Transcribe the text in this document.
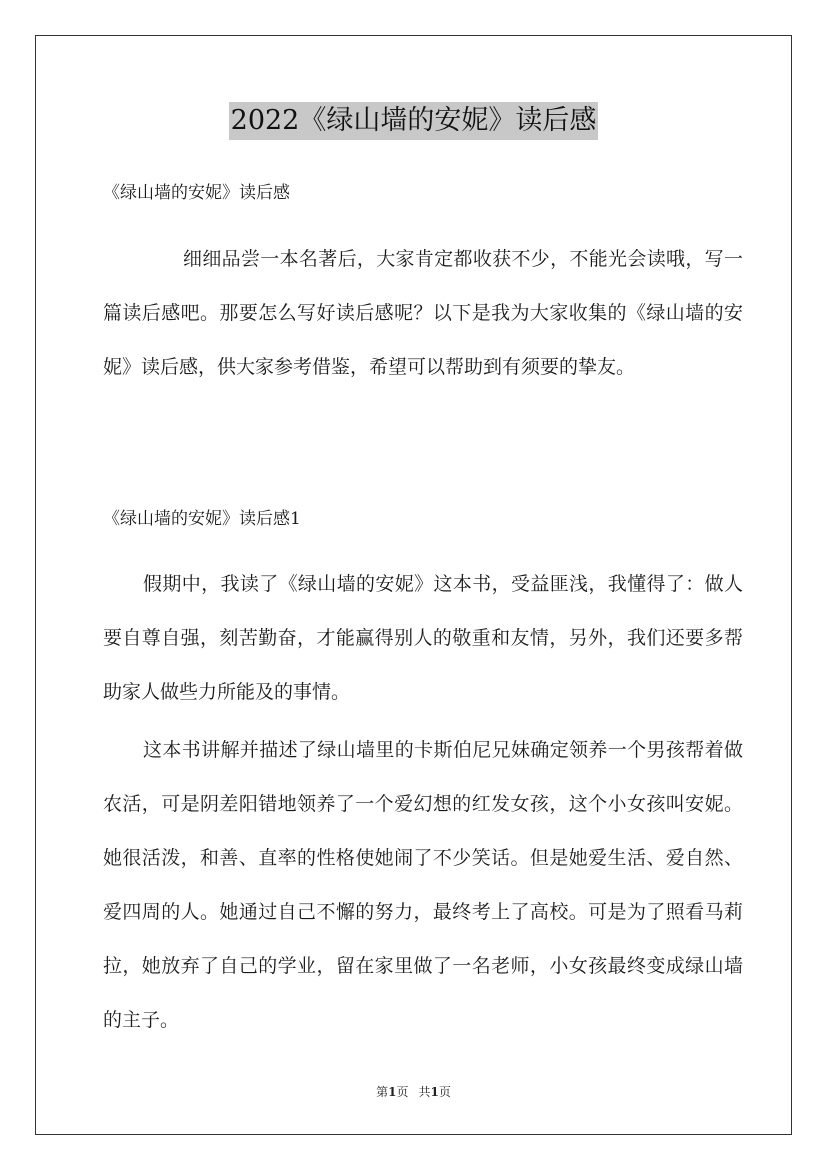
2022《绿山墙的安妮》读后感
《绿山墙的安妮》读后感

细细品尝一本名著后，大家肯定都收获不少，不能光会读哦，写一篇读后感吧。那要怎么写好读后感呢？以下是我为大家收集的《绿山墙的安妮》读后感，供大家参考借鉴，希望可以帮助到有须要的挚友。

《绿山墙的安妮》读后感1

假期中，我读了《绿山墙的安妮》这本书，受益匪浅，我懂得了：做人要自尊自强，刻苦勤奋，才能赢得别人的敬重和友情，另外，我们还要多帮助家人做些力所能及的事情。

这本书讲解并描述了绿山墙里的卡斯伯尼兄妹确定领养一个男孩帮着做农活，可是阴差阳错地领养了一个爱幻想的红发女孩，这个小女孩叫安妮。她很活泼，和善、直率的性格使她闹了不少笑话。但是她爱生活、爱自然、爱四周的人。她通过自己不懈的努力，最终考上了高校。可是为了照看马莉拉，她放弃了自己的学业，留在家里做了一名老师，小女孩最终变成绿山墙的主子。

第1页 共1页
